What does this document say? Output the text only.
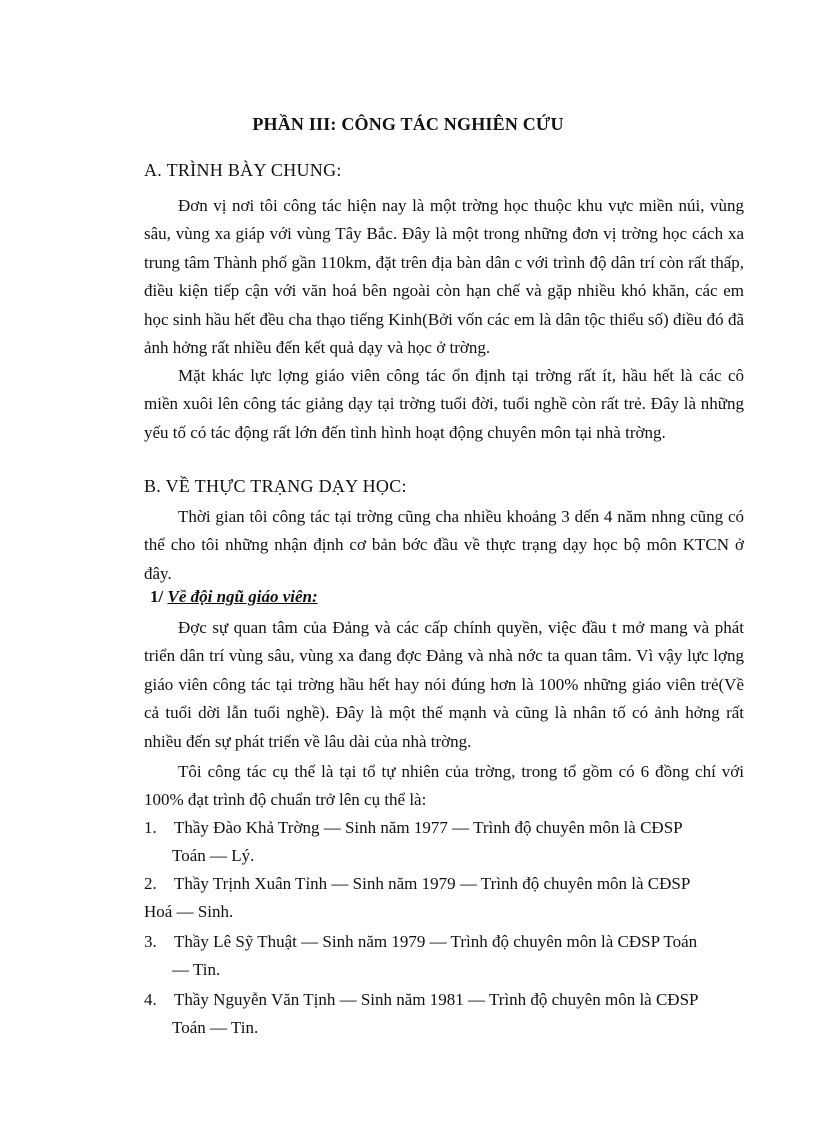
PHẦN III: CÔNG TÁC NGHIÊN CỨU
A. TRÌNH BÀY CHUNG:

Đơn vị nơi tôi công tác hiện nay là một trờng học thuộc khu vực miền núi, vùng sâu, vùng xa giáp với vùng Tây Bắc. Đây là một trong những đơn vị trờng học cách xa trung tâm Thành phố gần 110km, đặt trên địa bàn dân c với trình độ dân trí còn rất thấp, điều kiện tiếp cận với văn hoá bên ngoài còn hạn chế và gặp nhiều khó khăn, các em học sinh hầu hết đều cha thạo tiếng Kinh(Bởi vốn các em là dân tộc thiểu số) điều đó đã ảnh hởng rất nhiều đến kết quả dạy và học ở trờng.

Mặt khác lực lợng giáo viên công tác ổn định tại trờng rất ít, hầu hết là các cô miền xuôi lên công tác giảng dạy tại trờng tuổi đời, tuổi nghề còn rất trẻ. Đây là những yếu tố có tác động rất lớn đến tình hình hoạt động chuyên môn tại nhà trờng.

B. VỀ THỰC TRẠNG DẠY HỌC:

Thời gian tôi công tác tại trờng cũng cha nhiều khoảng 3 dến 4 năm nhng cũng có thể cho tôi những nhận định cơ bản bớc đầu về thực trạng dạy học bộ môn KTCN ở đây.

1/ Về đội ngũ giáo viên:

Đợc sự quan tâm của Đảng và các cấp chính quyền, việc đầu t mở mang và phát triển dân trí vùng sâu, vùng xa đang đợc Đảng và nhà nớc ta quan tâm. Vì vậy lực lợng giáo viên công tác tại trờng hầu hết hay nói đúng hơn là 100% những giáo viên trẻ(Về cả tuổi dời lẫn tuổi nghề). Đây là một thế mạnh và cũng là nhân tố có ảnh hởng rất nhiều đến sự phát triển về lâu dài của nhà trờng.

Tôi công tác cụ thể là tại tổ tự nhiên của trờng, trong tổ gồm có 6 đồng chí với 100% đạt trình độ chuẩn trở lên cụ thể là:

1. Thầy Đào Khả Trờng — Sinh năm 1977 — Trình độ chuyên môn là CĐSP
Toán — Lý.
2. Thầy Trịnh Xuân Tỉnh — Sinh năm 1979 — Trình độ chuyên môn là CĐSP
Hoá — Sinh.
3. Thầy Lê Sỹ Thuật — Sinh năm 1979 — Trình độ chuyên môn là CĐSP Toán
— Tin.
4. Thầy Nguyễn Văn Tịnh — Sinh năm 1981 — Trình độ chuyên môn là CĐSP
Toán — Tin.
